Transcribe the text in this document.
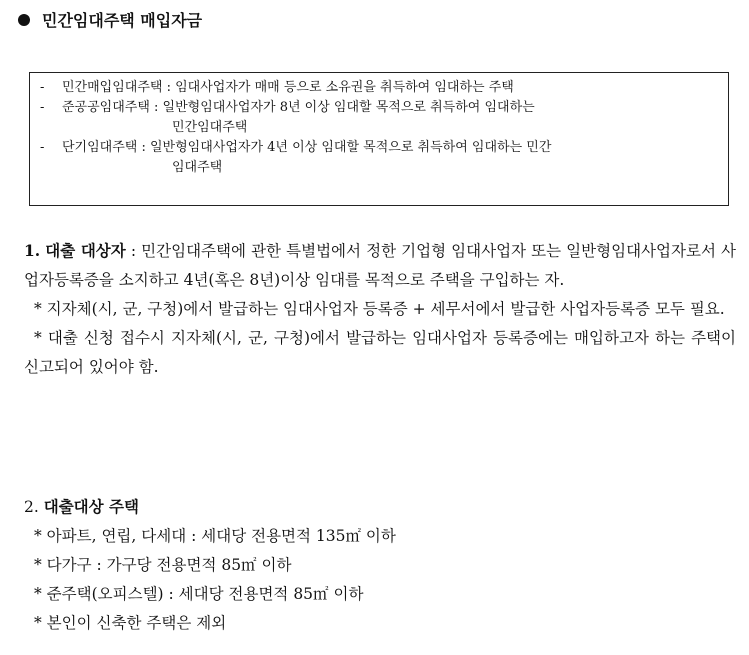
민간임대주택 매입자금
-	민간매입임대주택 : 임대사업자가 매매 등으로 소유권을 취득하여 임대하는 주택
-	준공공임대주택 : 일반형임대사업자가 8년 이상 임대할 목적으로 취득하여 임대하는
민간임대주택
-	단기임대주택 : 일반형임대사업자가 4년 이상 임대할 목적으로 취득하여 임대하는 민간
임대주택
1. 대출 대상자 : 민간임대주택에 관한 특별법에서 정한 기업형 임대사업자 또는 일반형임대사업자로서 사업자등록증을 소지하고 4년(혹은 8년)이상 임대를 목적으로 주택을 구입하는 자.
* 지자체(시, 군, 구청)에서 발급하는 임대사업자 등록증 + 세무서에서 발급한 사업자등록증 모두 필요.
* 대출 신청 접수시 지자체(시, 군, 구청)에서 발급하는 임대사업자 등록증에는 매입하고자 하는 주택이 신고되어 있어야 함.
2. 대출대상 주택
* 아파트, 연립, 다세대 : 세대당 전용면적 135㎡ 이하
* 다가구 : 가구당 전용면적 85㎡ 이하
* 준주택(오피스텔) : 세대당 전용면적 85㎡ 이하
* 본인이 신축한 주택은 제외
